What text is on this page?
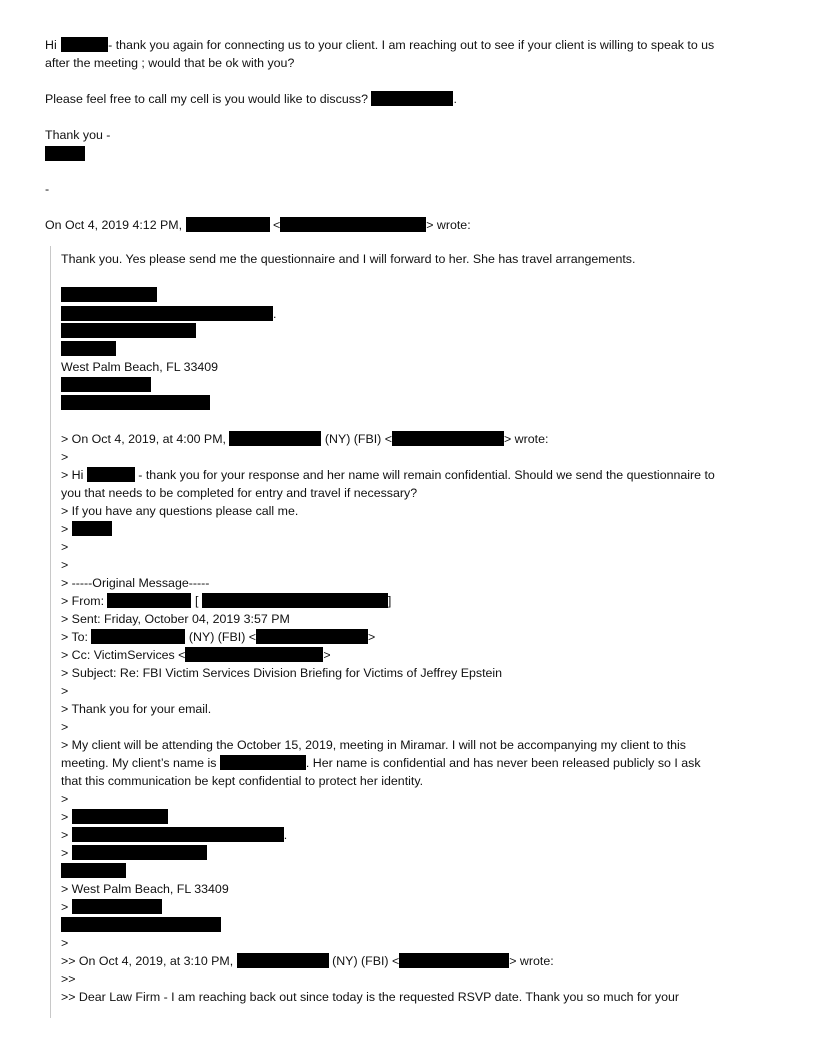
Hi	- thank you again for connecting us to your client. I am reaching out to see if your client is willing to speak to us
after the meeting ; would that be ok with you?
Please feel free to call my cell is you would like to discuss?	.
Thank you -
-
On Oct 4, 2019 4:12 PM,	<	> wrote:
Thank you. Yes please send me the questionnaire and I will forward to her. She has travel arrangements.
.
West Palm Beach, FL 33409
> On Oct 4, 2019, at 4:00 PM,	(NY) (FBI) <	> wrote:
>
> Hi	- thank you for your response and her name will remain confidential. Should we send the questionnaire to
you that needs to be completed for entry and travel if necessary?
> If you have any questions please call me.
>
>
>
> -----Original Message-----
> From:	[	]
> Sent: Friday, October 04, 2019 3:57 PM
> To:	(NY) (FBI) <	>
> Cc: VictimServices <	>
> Subject: Re: FBI Victim Services Division Briefing for Victims of Jeffrey Epstein
>
> Thank you for your email.
>
> My client will be attending the October 15, 2019, meeting in Miramar. I will not be accompanying my client to this
meeting. My client’s name is	. Her name is confidential and has never been released publicly so I ask
that this communication be kept confidential to protect her identity.
>
>
>	.
>
> West Palm Beach, FL 33409
>
>
>> On Oct 4, 2019, at 3:10 PM,	(NY) (FBI) <	> wrote:
>>
>> Dear Law Firm - I am reaching back out since today is the requested RSVP date. Thank you so much for your
